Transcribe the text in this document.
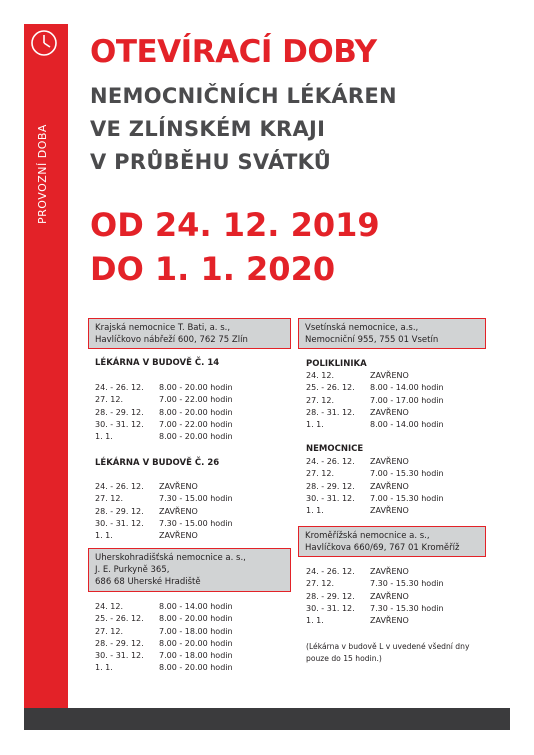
PROVOZNÍ DOBA
OTEVÍRACÍ DOBY
NEMOCNIČNÍCH LÉKÁREN
VE ZLÍNSKÉM KRAJI
V PRŮBĚHU SVÁTKŮ
OD 24. 12. 2019
DO 1. 1. 2020
Krajská nemocnice T. Bati, a. s.,
Havlíčkovo nábřeží 600, 762 75 Zlín
LÉKÁRNA V BUDOVĚ Č. 14
24. - 26. 12.	8.00 - 20.00 hodin
27. 12.	7.00 - 22.00 hodin
28. - 29. 12.	8.00 - 20.00 hodin
30. - 31. 12.	7.00 - 22.00 hodin
1. 1.	8.00 - 20.00 hodin
LÉKÁRNA V BUDOVĚ Č. 26
24. - 26. 12.	ZAVŘENO
27. 12.	7.30 - 15.00 hodin
28. - 29. 12.	ZAVŘENO
30. - 31. 12.	7.30 - 15.00 hodin
1. 1.	ZAVŘENO
Uherskohradišťská nemocnice a. s.,
J. E. Purkyně 365,
686 68 Uherské Hradiště
24. 12.	8.00 - 14.00 hodin
25. - 26. 12.	8.00 - 20.00 hodin
27. 12.	7.00 - 18.00 hodin
28. - 29. 12.	8.00 - 20.00 hodin
30. - 31. 12.	7.00 - 18.00 hodin
1. 1.	8.00 - 20.00 hodin
Vsetínská nemocnice, a.s.,
Nemocniční 955, 755 01 Vsetín
POLIKLINIKA
24. 12.	ZAVŘENO
25. - 26. 12.	8.00 - 14.00 hodin
27. 12.	7.00 - 17.00 hodin
28. - 31. 12.	ZAVŘENO
1. 1.	8.00 - 14.00 hodin
NEMOCNICE
24. - 26. 12.	ZAVŘENO
27. 12.	7.00 - 15.30 hodin
28. - 29. 12.	ZAVŘENO
30. - 31. 12.	7.00 - 15.30 hodin
1. 1.	ZAVŘENO
Kroměřížská nemocnice a. s.,
Havlíčkova 660/69, 767 01 Kroměříž
24. - 26. 12.	ZAVŘENO
27. 12.	7.30 - 15.30 hodin
28. - 29. 12.	ZAVŘENO
30. - 31. 12.	7.30 - 15.30 hodin
1. 1.	ZAVŘENO
(Lékárna v budově L v uvedené všední dny
pouze do 15 hodin.)
